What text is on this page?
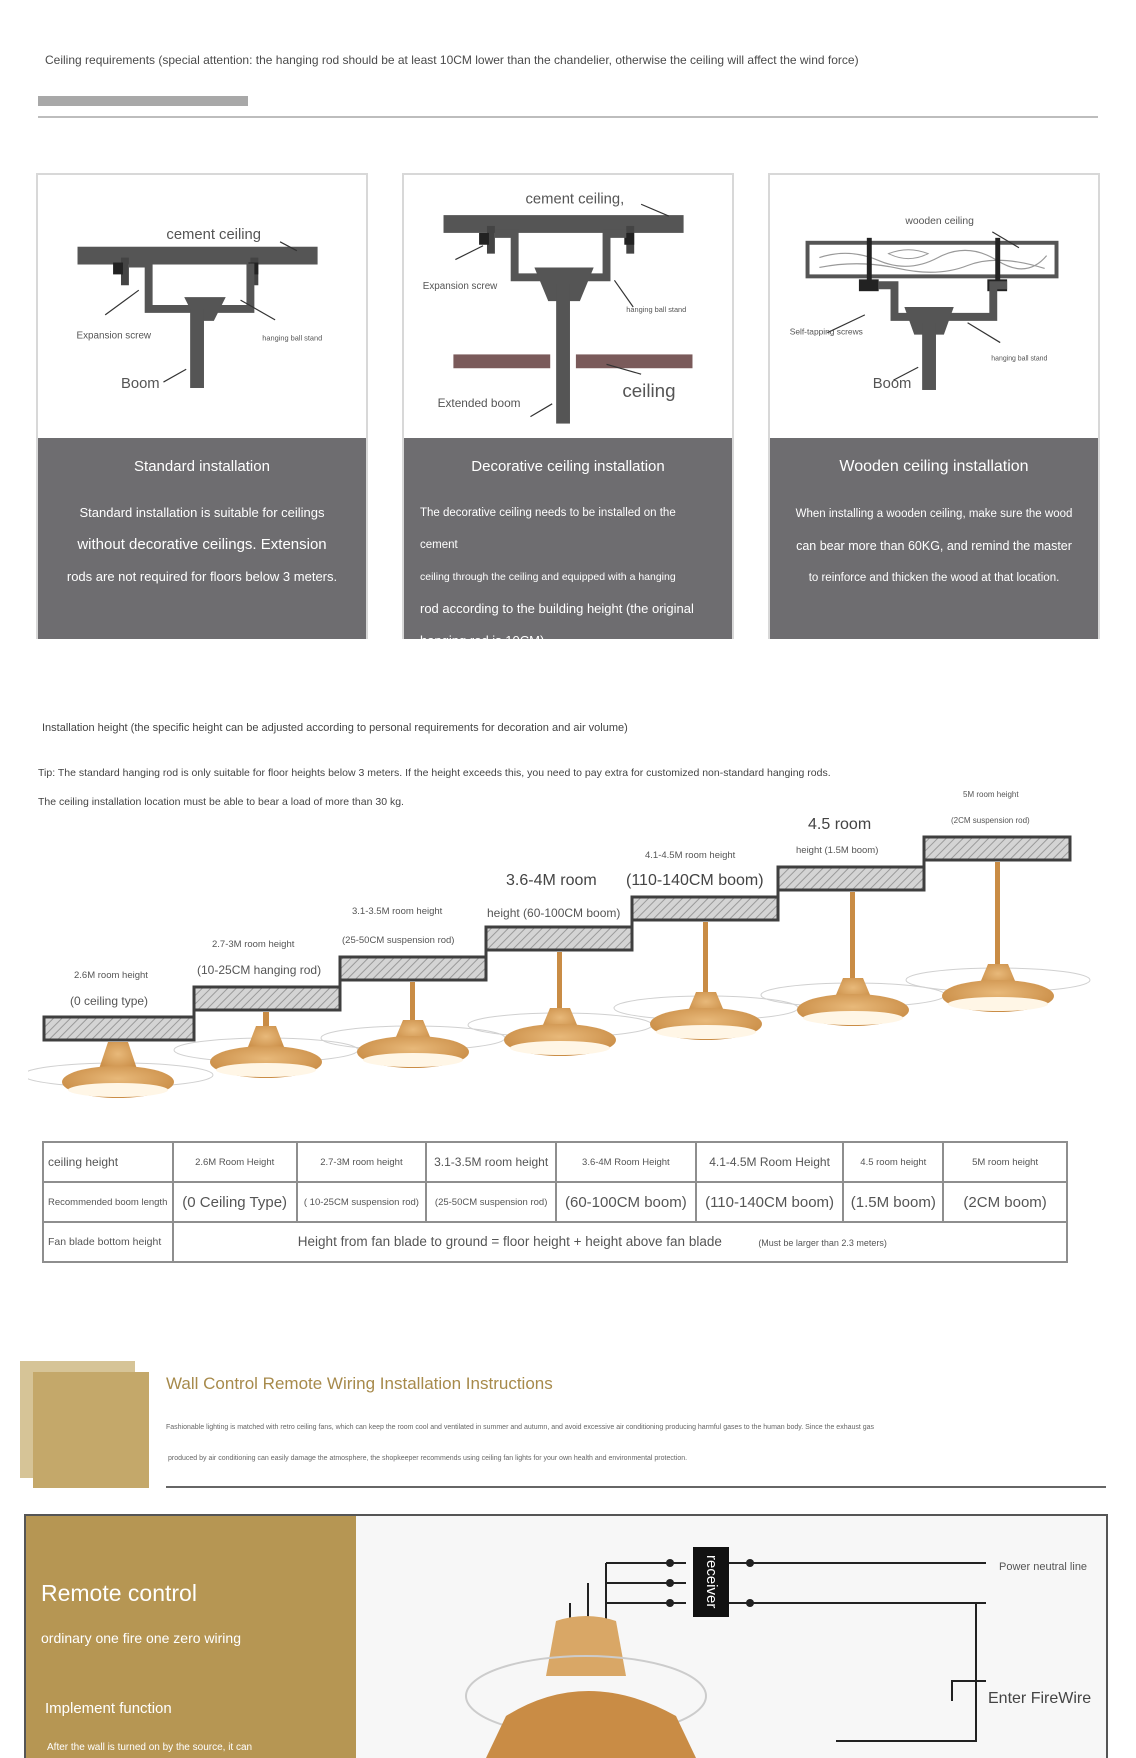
Ceiling requirements (special attention: the hanging rod should be at least 10CM lower than the chandelier, otherwise the ceiling will affect the wind force)
cement ceiling
Expansion screw	hanging ball stand
Boom
Standard installation
Standard installation is suitable for ceilings
without decorative ceilings. Extension
rods are not required for floors below 3 meters.
cement ceiling,
Expansion screw
hanging ball stand
Extended boom
ceiling
Decorative ceiling installation
The decorative ceiling needs to be installed on the cement
ceiling through the ceiling and equipped with a hanging
rod according to the building height (the original
hanging rod is 10CM)
wooden ceiling
Self-tapping screws
hanging ball stand
Boom
Wooden ceiling installation
When installing a wooden ceiling, make sure the wood
can bear more than 60KG, and remind the master
to reinforce and thicken the wood at that location.
Installation height (the specific height can be adjusted according to personal requirements for decoration and air volume)
Tip: The standard hanging rod is only suitable for floor heights below 3 meters. If the height exceeds this, you need to pay extra for customized non-standard hanging rods.
The ceiling installation location must be able to bear a load of more than 30 kg.
2.6M room height
(0 ceiling type)
2.7-3M room height
(10-25CM hanging rod)
3.1-3.5M room height
(25-50CM suspension rod)
3.6-4M room
height (60-100CM boom)
4.1-4.5M room height
(110-140CM boom)
4.5 room
height (1.5M boom)
5M room height
(2CM suspension rod)
ceiling height	2.6M Room Height	2.7-3M room height	3.1-3.5M room height	3.6-4M Room Height	4.1-4.5M Room Height	4.5 room height	5M room height
Recommended boom length	(0 Ceiling Type)	( 10-25CM suspension rod)	(25-50CM suspension rod)	(60-100CM boom)	(110-140CM boom)	(1.5M boom)	(2CM boom)
Fan blade bottom height	Height from fan blade to ground = floor height + height above fan blade (Must be larger than 2.3 meters)						
Wall Control Remote Wiring Installation Instructions
Fashionable lighting is matched with retro ceiling fans, which can keep the room cool and ventilated in summer and autumn, and avoid excessive air conditioning producing harmful gases to the human body. Since the exhaust gas
produced by air conditioning can easily damage the atmosphere, the shopkeeper recommends using ceiling fan lights for your own health and environmental protection.
Remote control
ordinary one fire one zero wiring
Implement function
After the wall is turned on by the source, it can
receiver	Power neutral line
Enter FireWire
